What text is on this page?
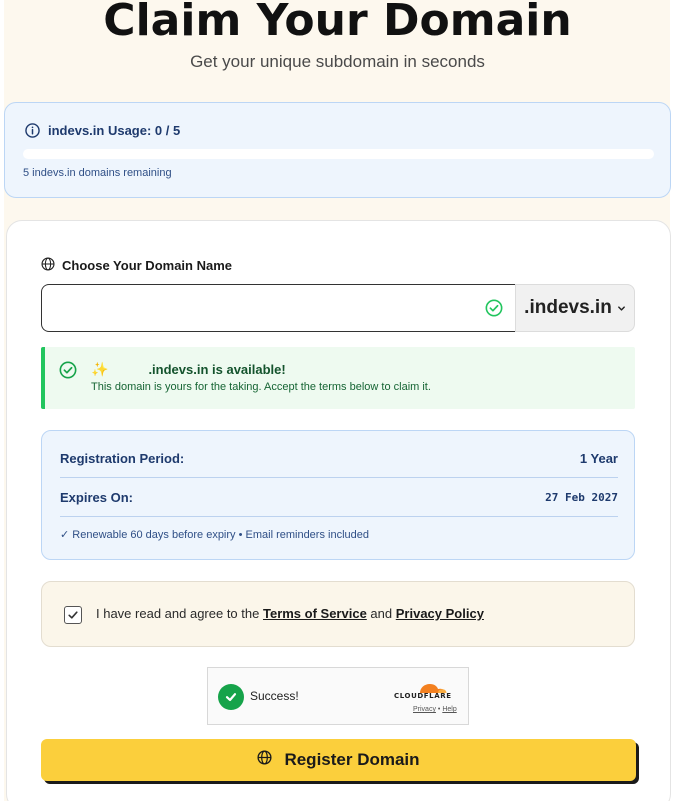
Claim Your Domain
Get your unique subdomain in seconds
indevs.in Usage: 0 / 5
5 indevs.in domains remaining
Choose Your Domain Name
.indevs.in
✨	.indevs.in is available!
This domain is yours for the taking. Accept the terms below to claim it.
Registration Period:	1 Year
Expires On:	27 Feb 2027
✓ Renewable 60 days before expiry • Email reminders included
I have read and agree to the Terms of Service and Privacy Policy
Success!	CLOUDFLARE
Privacy • Help
Register Domain
